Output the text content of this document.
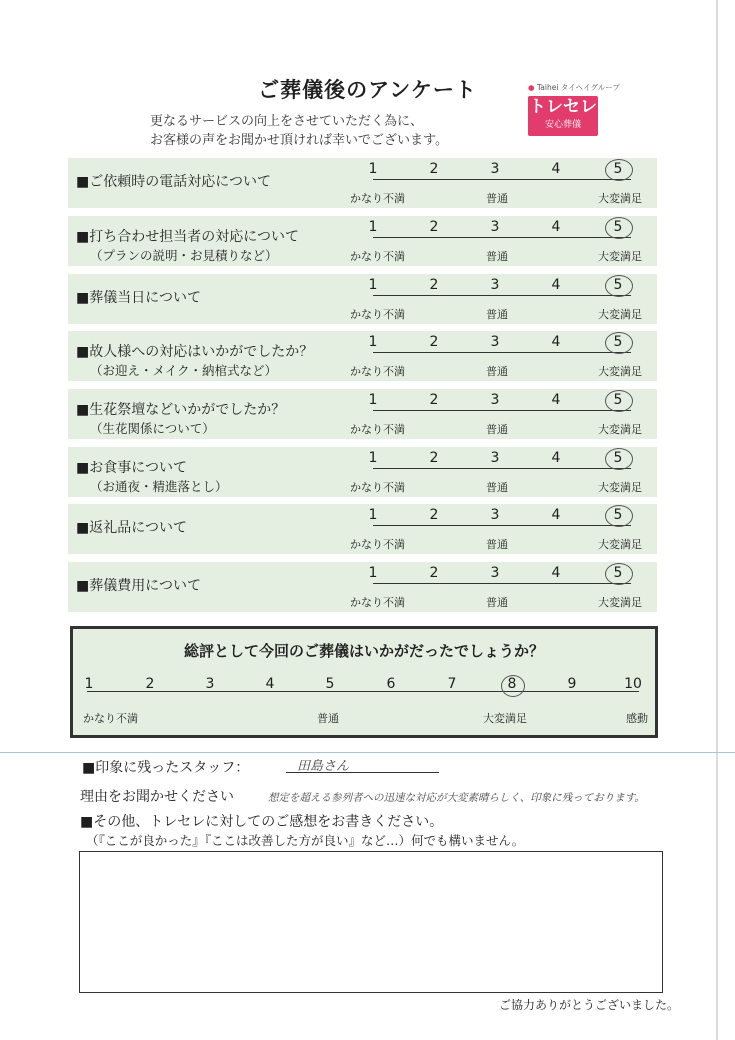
ご葬儀後のアンケート
更なるサービスの向上をさせていただく為に、
お客様の声をお聞かせ頂ければ幸いでございます。
● Taihei タイヘイグループ
トレセレ
安心葬儀
■ご依頼時の電話対応について
1	2	3	4	5
かなり不満	普通	大変満足
■打ち合わせ担当者の対応について
（プランの説明・お見積りなど）
1	2	3	4	5
かなり不満	普通	大変満足
■葬儀当日について
1	2	3	4	5
かなり不満	普通	大変満足
■故人様への対応はいかがでしたか？
（お迎え・メイク・納棺式など）
1	2	3	4	5
かなり不満	普通	大変満足
■生花祭壇などいかがでしたか？
（生花関係について）
1	2	3	4	5
かなり不満	普通	大変満足
■お食事について
（お通夜・精進落とし）
1	2	3	4	5
かなり不満	普通	大変満足
■返礼品について
1	2	3	4	5
かなり不満	普通	大変満足
■葬儀費用について
1	2	3	4	5
かなり不満	普通	大変満足
総評として今回のご葬儀はいかがだったでしょうか？
1	2	3	4	5	6	7	8	9	10
かなり不満	普通	大変満足	感動
■印象に残ったスタッフ：	田島さん
理由をお聞かせください	想定を超える参列者への迅速な対応が大変素晴らしく、印象に残っております。
■その他、トレセレに対してのご感想をお書きください。
（『ここが良かった』『ここは改善した方が良い』など…）何でも構いません。
ご協力ありがとうございました。
